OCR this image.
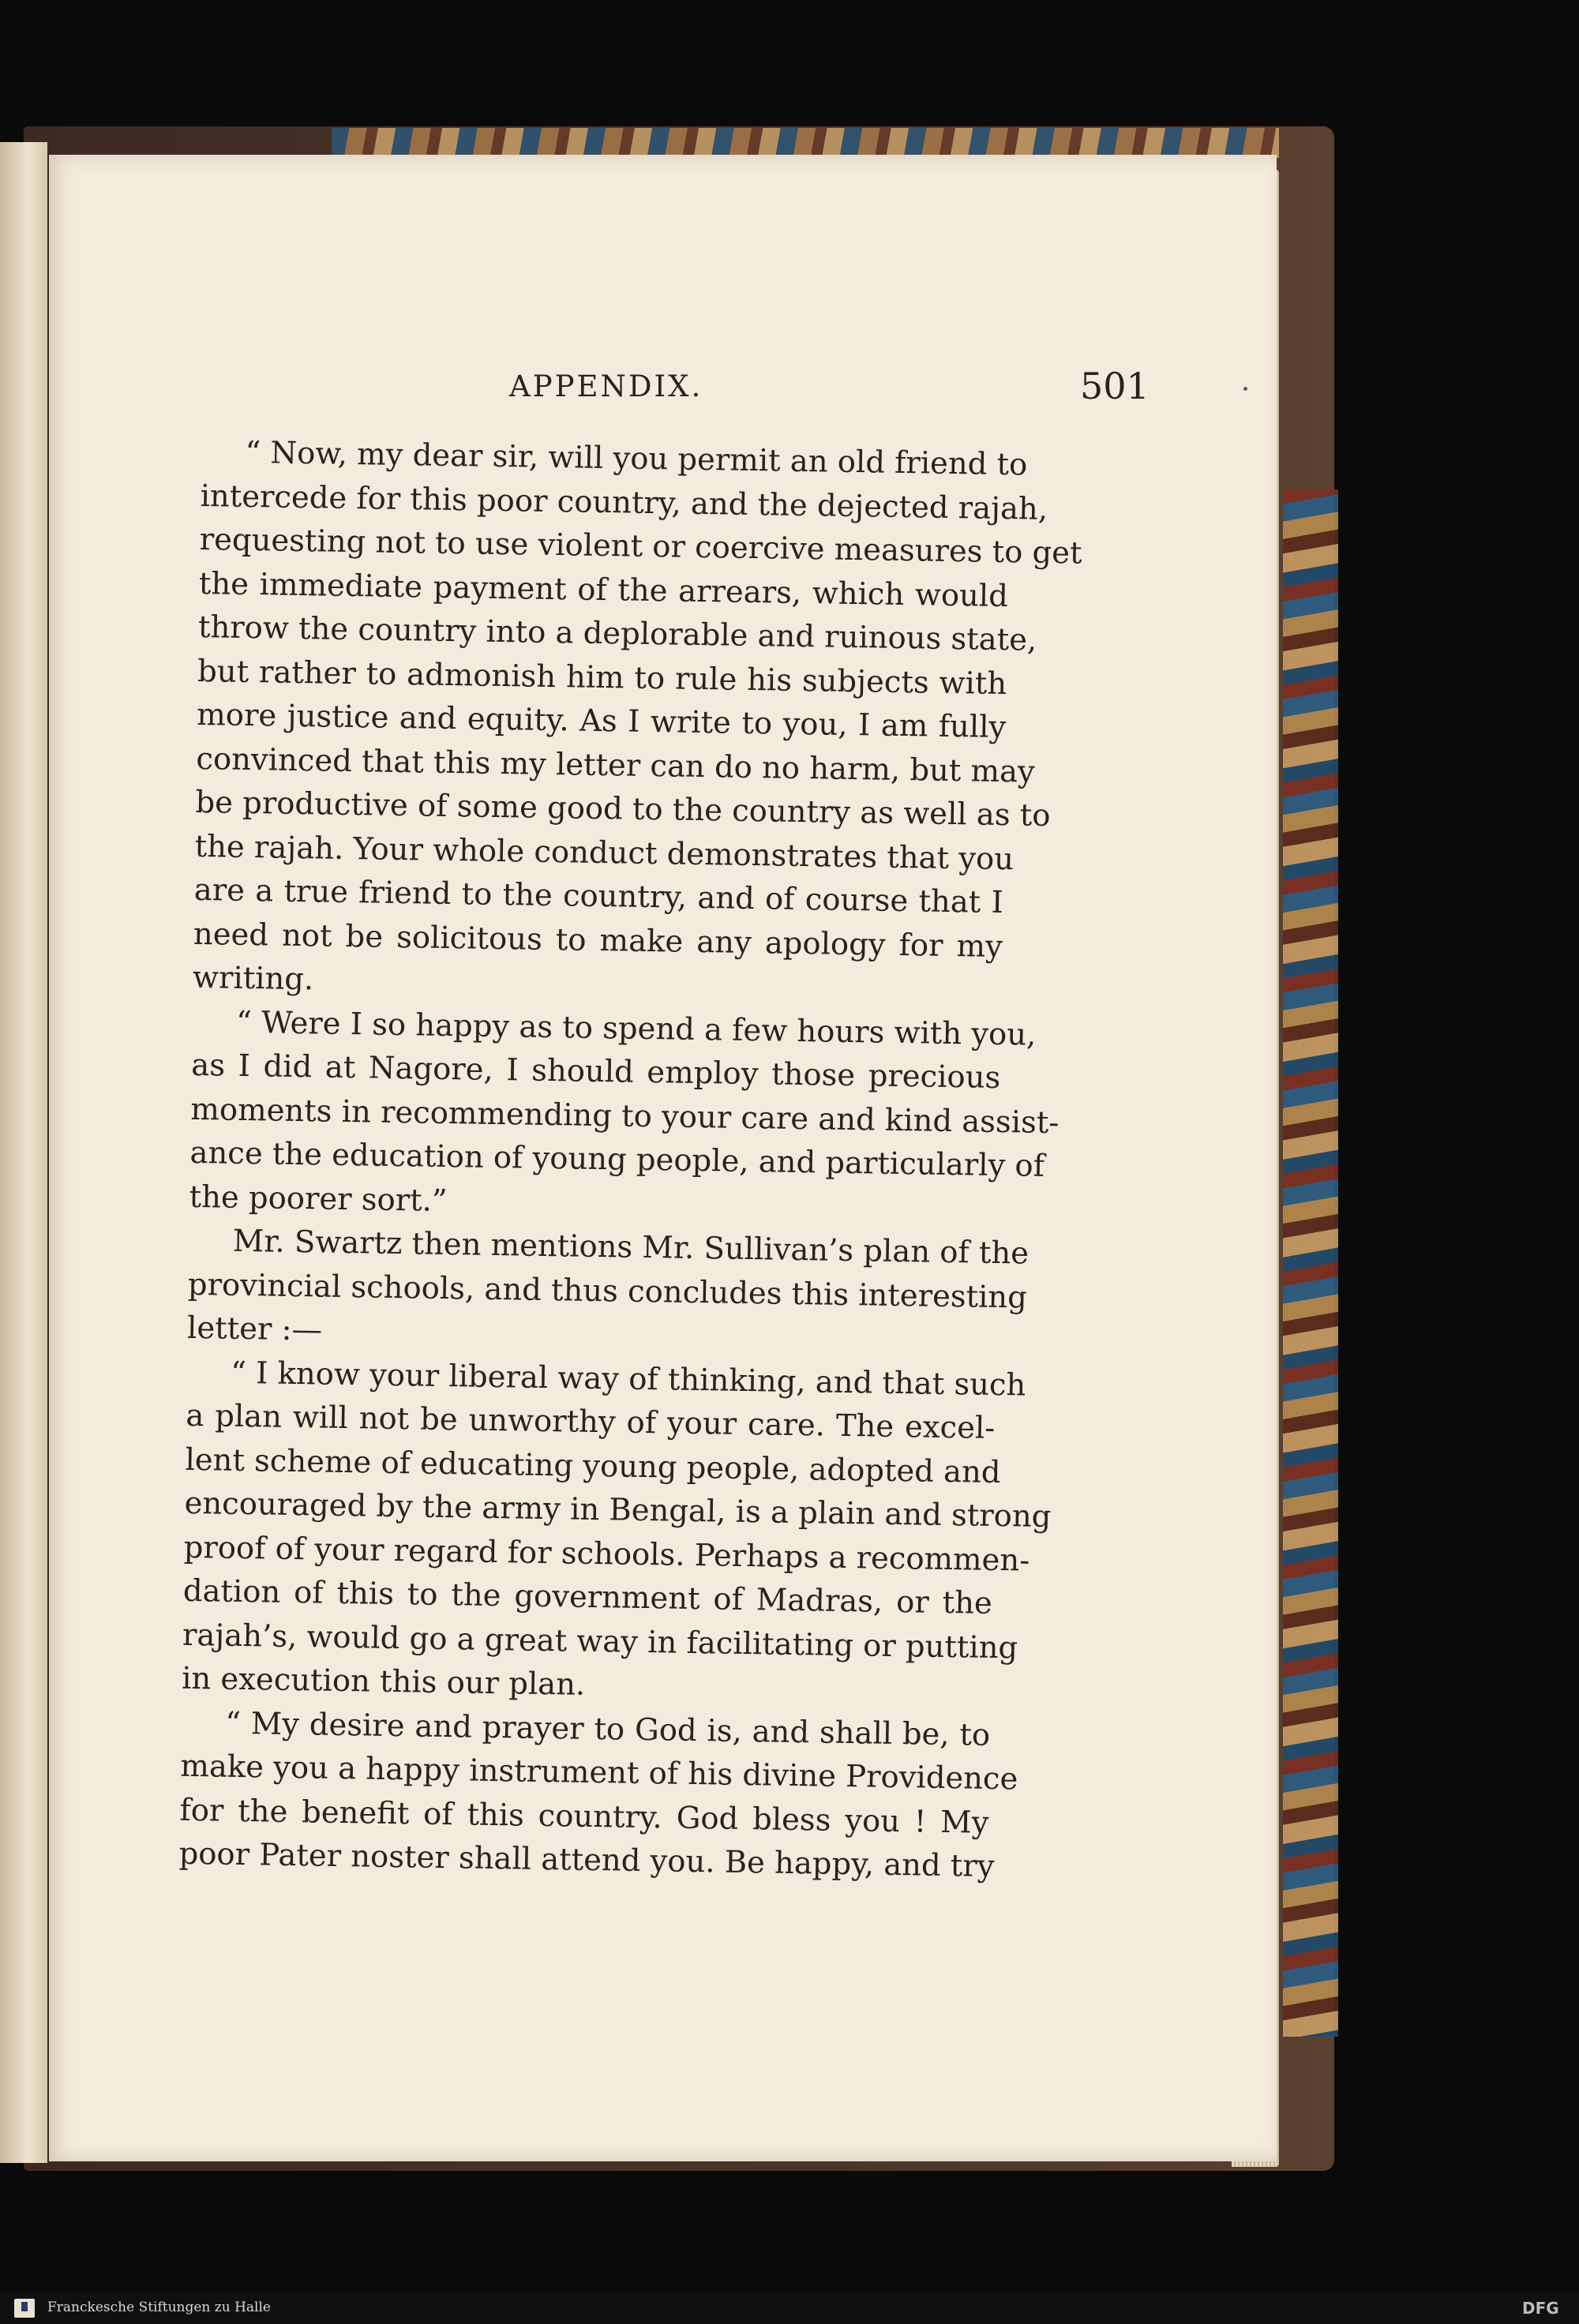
APPENDIX.	501
“ Now, my dear sir, will you permit an old friend to
intercede for this poor country, and the dejected rajah,
requesting not to use violent or coercive measures to get
the immediate payment of the arrears, which would
throw the country into a deplorable and ruinous state,
but rather to admonish him to rule his subjects with
more justice and equity. As I write to you, I am fully
convinced that this my letter can do no harm, but may
be productive of some good to the country as well as to
the rajah. Your whole conduct demonstrates that you
are a true friend to the country, and of course that I
need not be solicitous to make any apology for my
writing.
“ Were I so happy as to spend a few hours with you,
as I did at Nagore, I should employ those precious
moments in recommending to your care and kind assist-
ance the education of young people, and particularly of
the poorer sort.”
Mr. Swartz then mentions Mr. Sullivan’s plan of the
provincial schools, and thus concludes this interesting
letter :—
“ I know your liberal way of thinking, and that such
a plan will not be unworthy of your care. The excel-
lent scheme of educating young people, adopted and
encouraged by the army in Bengal, is a plain and strong
proof of your regard for schools. Perhaps a recommen-
dation of this to the government of Madras, or the
rajah’s, would go a great way in facilitating or putting
in execution this our plan.
“ My desire and prayer to God is, and shall be, to
make you a happy instrument of his divine Providence
for the benefit of this country. God bless you ! My
poor Pater noster shall attend you. Be happy, and try
Franckesche Stiftungen zu Halle	DFG
